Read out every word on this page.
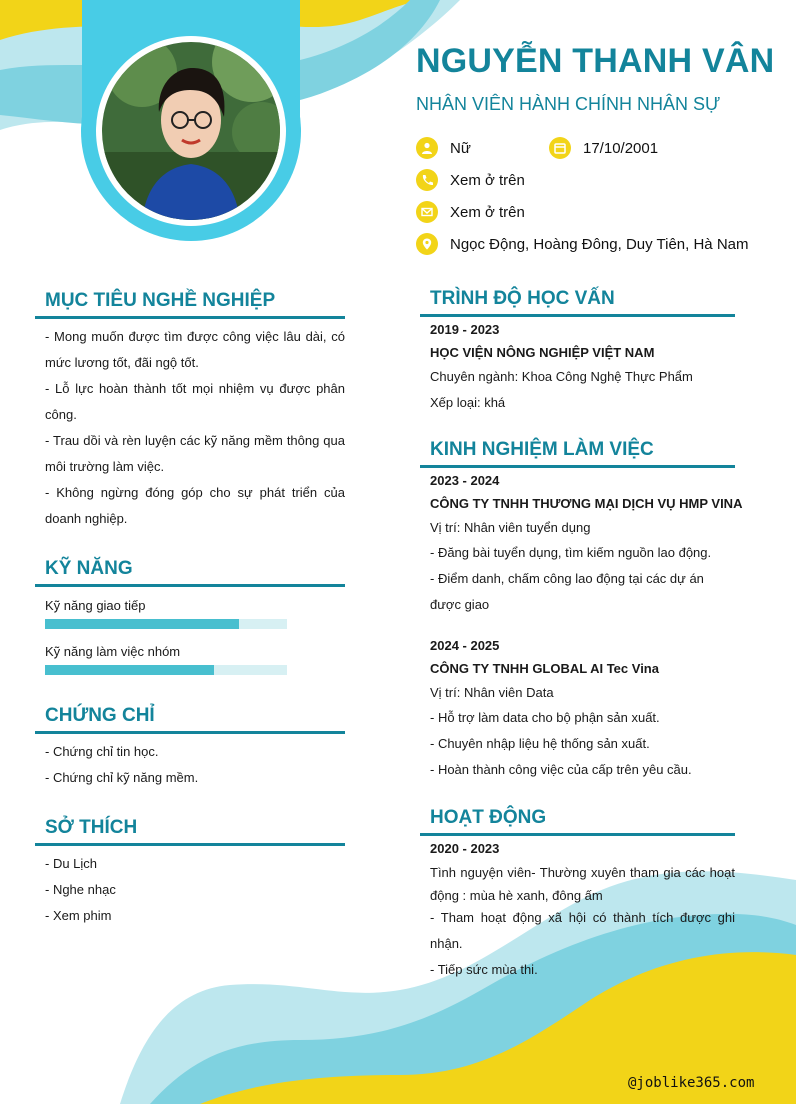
NGUYỄN THANH VÂN
NHÂN VIÊN HÀNH CHÍNH NHÂN SỰ
Nữ	17/10/2001
Xem ở trên
Xem ở trên
Ngọc Động, Hoàng Đông, Duy Tiên, Hà Nam
MỤC TIÊU NGHỀ NGHIỆP
- Mong muốn được tìm được công việc lâu dài, có mức lương tốt, đãi ngộ tốt.
- Lỗ lực hoàn thành tốt mọi nhiệm vụ được phân công.
- Trau dồi và rèn luyện các kỹ năng mềm thông qua môi trường làm việc.
- Không ngừng đóng góp cho sự phát triển của doanh nghiệp.
KỸ NĂNG
Kỹ năng giao tiếp
Kỹ năng làm việc nhóm
CHỨNG CHỈ
- Chứng chỉ tin học.
- Chứng chỉ kỹ năng mềm.
SỞ THÍCH
- Du Lịch
- Nghe nhạc
- Xem phim
TRÌNH ĐỘ HỌC VẤN
2019 - 2023
HỌC VIỆN NÔNG NGHIỆP VIỆT NAM
Chuyên ngành: Khoa Công Nghệ Thực Phẩm
Xếp loại: khá
KINH NGHIỆM LÀM VIỆC
2023 - 2024
CÔNG TY TNHH THƯƠNG MẠI DỊCH VỤ HMP VINA
Vị trí: Nhân viên tuyển dụng
- Đăng bài tuyển dụng, tìm kiếm nguồn lao động.
- Điểm danh, chấm công lao động tại các dự án được giao
2024 - 2025
CÔNG TY TNHH GLOBAL AI Tec Vina
Vị trí: Nhân viên Data
- Hỗ trợ làm data cho bộ phận sản xuất.
- Chuyên nhập liệu hệ thống sản xuất.
- Hoàn thành công việc của cấp trên yêu cầu.
HOẠT ĐỘNG
2020 - 2023
Tình nguyện viên- Thường xuyên tham gia các hoạt động : mùa hè xanh, đông ấm
- Tham hoạt động xã hội có thành tích được ghi nhận.
- Tiếp sức mùa thi.
@joblike365.com
